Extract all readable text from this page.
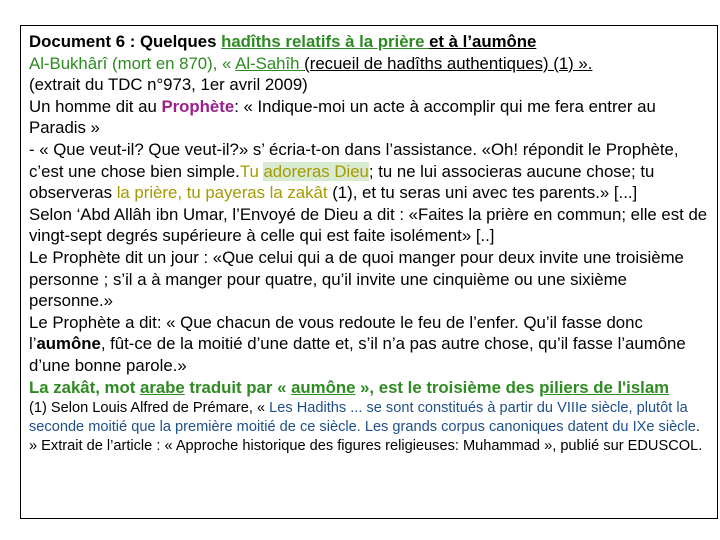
Document 6 : Quelques hadîths relatifs à la prière et à l’aumône

Al-Bukhârî (mort en 870), « Al-Sahîh (recueil de hadîths authentiques) (1) ».

(extrait du TDC n°973, 1er avril 2009)

Un homme dit au Prophète: « Indique-moi un acte à accomplir qui me fera entrer au Paradis »

- « Que veut-il? Que veut-il?» s’ écria-t-on dans l’assistance. «Oh! répondit le Prophète, c’est une chose bien simple.Tu adoreras Dieu; tu ne lui associeras aucune chose; tu observeras la prière, tu payeras la zakât (1), et tu seras uni avec tes parents.» [...]

Selon ‘Abd Allâh ibn Umar, l’Envoyé de Dieu a dit : «Faites la prière en commun; elle est de vingt-sept degrés supérieure à celle qui est faite isolément» [..]

Le Prophète dit un jour : «Que celui qui a de quoi manger pour deux invite une troisième personne ; s’il a à manger pour quatre, qu’il invite une cinquième ou une sixième personne.»

Le Prophète a dit: « Que chacun de vous redoute le feu de l’enfer. Qu’il fasse donc l’aumône, fût-ce de la moitié d’une datte et, s’il n’a pas autre chose, qu’il fasse l’aumône d’une bonne parole.»

La zakât, mot arabe traduit par « aumône », est le troisième des piliers de l'islam

(1) Selon Louis Alfred de Prémare, « Les Hadiths ... se sont constitués à partir du VIIIe siècle, plutôt la seconde moitié que la première moitié de ce siècle. Les grands corpus canoniques datent du IXe siècle. » Extrait de l’article : « Approche historique des figures religieuses: Muhammad », publié sur EDUSCOL.
